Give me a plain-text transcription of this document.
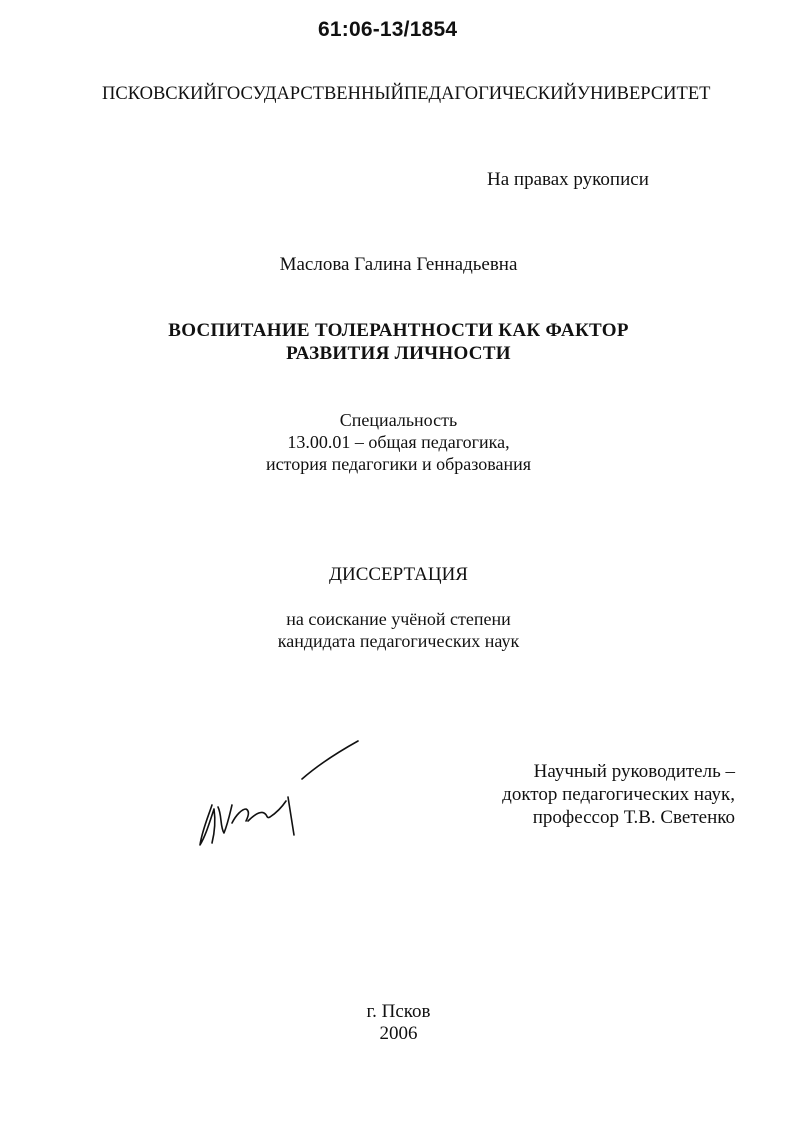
61:06-13/1854
ПСКОВСКИЙ ГОСУДАРСТВЕННЫЙ ПЕДАГОГИЧЕСКИЙ УНИВЕРСИТЕТ
На правах рукописи
Маслова Галина Геннадьевна
ВОСПИТАНИЕ ТОЛЕРАНТНОСТИ КАК ФАКТОР
РАЗВИТИЯ ЛИЧНОСТИ
Специальность
13.00.01 – общая педагогика,
история педагогики и образования
ДИССЕРТАЦИЯ
на соискание учёной степени
кандидата педагогических наук
Научный руководитель –
доктор педагогических наук,
профессор Т.В. Светенко
г. Псков
2006
